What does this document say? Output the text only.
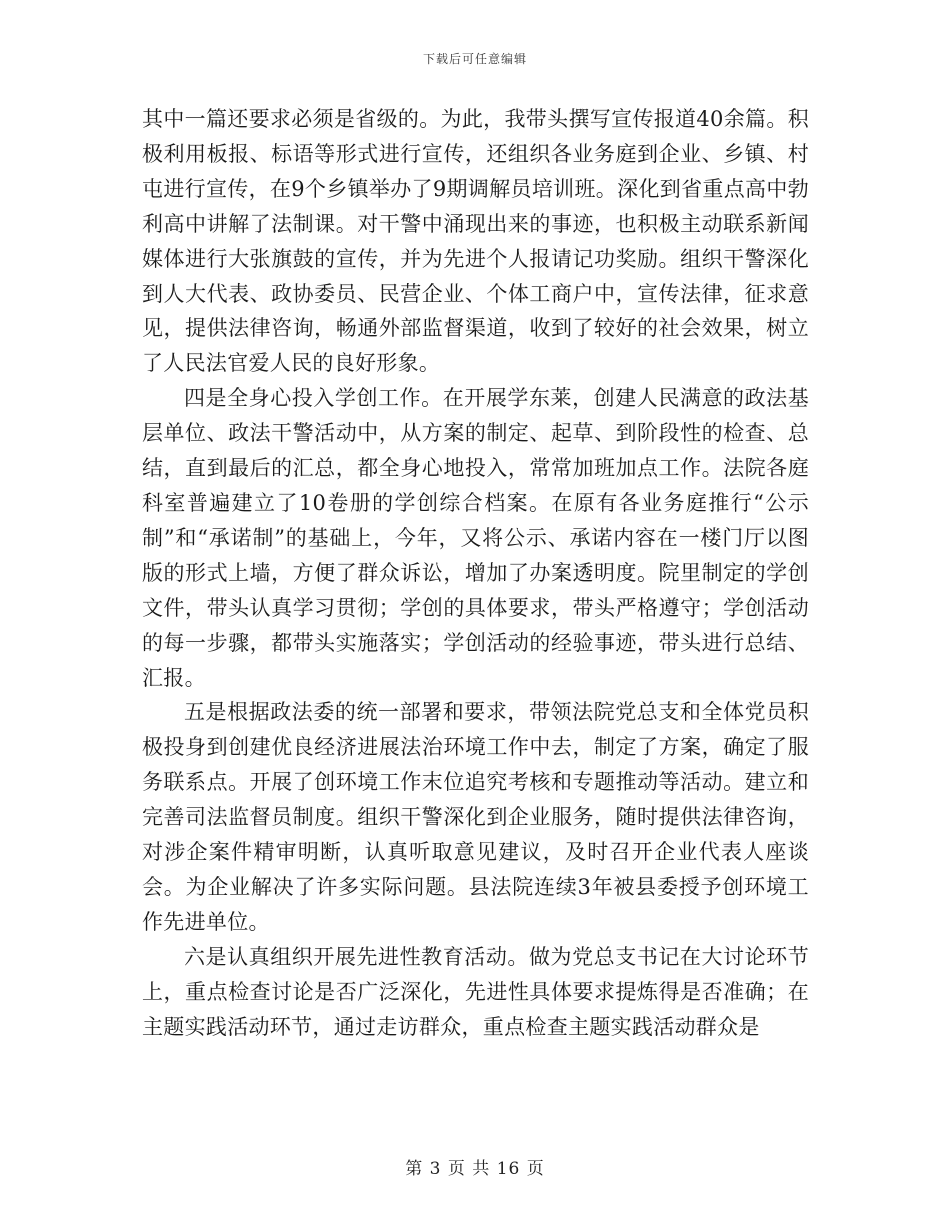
下载后可任意编辑

其中一篇还要求必须是省级的。为此，我带头撰写宣传报道40余篇。积极利用板报、标语等形式进行宣传，还组织各业务庭到企业、乡镇、村屯进行宣传，在9个乡镇举办了9期调解员培训班。深化到省重点高中勃利高中讲解了法制课。对干警中涌现出来的事迹，也积极主动联系新闻媒体进行大张旗鼓的宣传，并为先进个人报请记功奖励。组织干警深化到人大代表、政协委员、民营企业、个体工商户中，宣传法律，征求意见，提供法律咨询，畅通外部监督渠道，收到了较好的社会效果，树立了人民法官爱人民的良好形象。

四是全身心投入学创工作。在开展学东莱，创建人民满意的政法基层单位、政法干警活动中，从方案的制定、起草、到阶段性的检查、总结，直到最后的汇总，都全身心地投入，常常加班加点工作。法院各庭科室普遍建立了10卷册的学创综合档案。在原有各业务庭推行“公示制”和“承诺制”的基础上，今年，又将公示、承诺内容在一楼门厅以图版的形式上墙，方便了群众诉讼，增加了办案透明度。院里制定的学创文件，带头认真学习贯彻；学创的具体要求，带头严格遵守；学创活动的每一步骤，都带头实施落实；学创活动的经验事迹，带头进行总结、汇报。

五是根据政法委的统一部署和要求，带领法院党总支和全体党员积极投身到创建优良经济进展法治环境工作中去，制定了方案，确定了服务联系点。开展了创环境工作末位追究考核和专题推动等活动。建立和完善司法监督员制度。组织干警深化到企业服务，随时提供法律咨询，对涉企案件精审明断，认真听取意见建议，及时召开企业代表人座谈会。为企业解决了许多实际问题。县法院连续3年被县委授予创环境工作先进单位。

六是认真组织开展先进性教育活动。做为党总支书记在大讨论环节上，重点检查讨论是否广泛深化，先进性具体要求提炼得是否准确；在主题实践活动环节，通过走访群众，重点检查主题实践活动群众是

第 3 页 共 16 页
